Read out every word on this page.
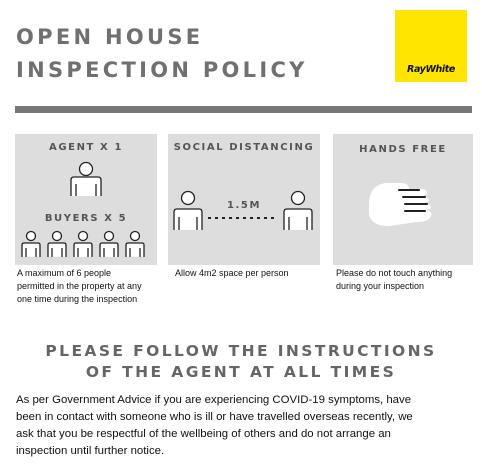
OPEN HOUSE
INSPECTION POLICY	RayWhite
AGENT X 1
BUYERS X 5
SOCIAL DISTANCING
1.5M
HANDS FREE
A maximum of 6 people
permitted in the property at any
one time during the inspection
Allow 4m2 space per person	Please do not touch anything
during your inspection
PLEASE FOLLOW THE INSTRUCTIONS
OF THE AGENT AT ALL TIMES
As per Government Advice if you are experiencing COVID-19 symptoms, have
been in contact with someone who is ill or have travelled overseas recently, we
ask that you be respectful of the wellbeing of others and do not arrange an
inspection until further notice.
